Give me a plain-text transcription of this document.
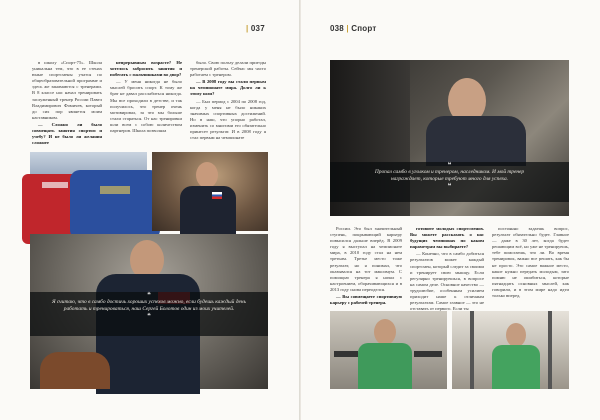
| 037

в школу «Спорт-75». Школа уникальна тем, что в ее стенах юные спортсмены учатся по общеобразовательной программе и здесь же занимаются с тренерами. В 8 классе нас начал тренировать заслуженный тренер России Павел Владимирович Фомичев, который до сих пор является моим наставником.

— Сложно ли было совмещать занятия спортом и учебу? И не было ли желания сложнее

непрерывным возрасте? Не хотелось забросить занятия и побегать с мальчишками во двор?

— У меня никогда не было мыслей бросить спорт. К тому же брат не давал расслабиться никогда. Мы все проходили в детстве, и так получилось, что тренер очень мотивировал, за что мы больше стали стараться. От нас тренировки шли всем с собою количеством партнеров. Школа позволяла

было. Свою пользу делали приезды тренерской работы. Сейчас мы часто работаем с тренером.

— В 2008 году вы стали первым на чемпионате мира. Долго ли к этому шли?

— Был период с 2004 по 2008 год, когда у меня не было никаких значимых спортивных достижений. Но в наш, что упорно работал, изменить со многими его обязательно принесет результат. И в 2008 году я стал первым на чемпионате

❝
Я считаю, что в самбо достичь хороших успехов можно, если будешь каждый день работать и тренироваться, наш Сергей Болотов один из моих учителей.
❝
038 | Спорт
❝
Пропал самбо в уголком и тренером, наследником. И мой тренер награждает, которые требуют много для успеха.
❝

России. Это был значительный ступень, покрывающий карьеру повысился дальше вперёд. В 2009 году я выступал на чемпионате мира, в 2010 году стал на нем третьим. Третье место тоже результат, но я понимал, что оказывался на тот максимум. С помощью тренера я начал с настроением, оборачивающихся и в 2013 году снова переоделся.

— Вы совмещаете спортивную карьеру с рабочей тренера.

готовите молодых спортсменов. Вы можете рассказать о нас будущих чемпионах по каким параметрам вы выбираете?

— Конечно, что в самбо добиться результатов может каждый спортсмен, который следит за своими и тренирует свою мышцу. Если регулярно тренируешься, в вопросе на самом деле. Основное качество — трудолюбие, особенным усилием приходит наше к отличным результатам. Самое главное — это не отставать от первого. Если ты

постоянно задаешь вопрос, результат обязательно будет. Главное — даже в 30 лет, когда будет решающим всё, но уже не тренируешь, тебе помогаешь, что ли. Во время тренировок, важно все решать, как бы не просто. Это самое важное место, какое нужно передать молодым, зато помню не ошибиться, которые пятнадцать основных мыслей, как говорили, и в этом мире надо идти только вперед.
